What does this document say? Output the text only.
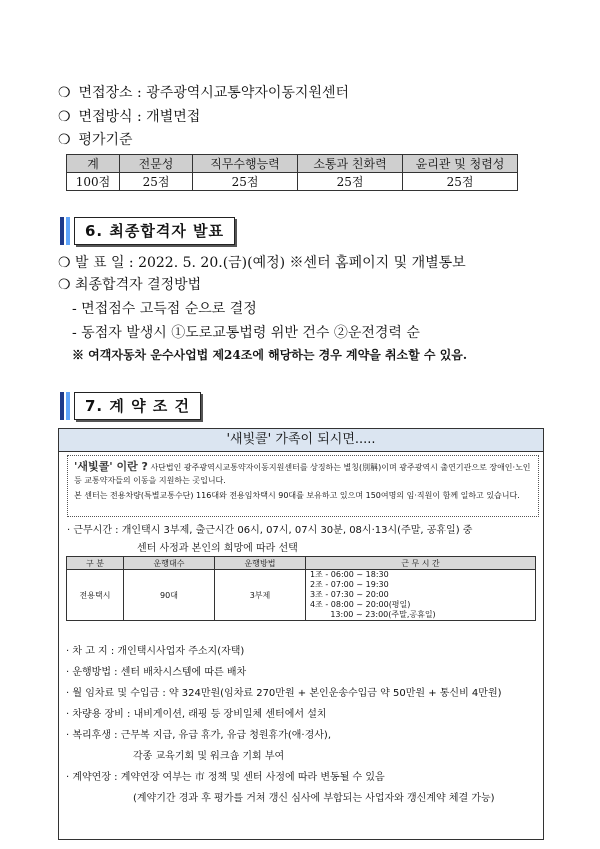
❍ 면접장소 : 광주광역시교통약자이동지원센터
❍ 면접방식 : 개별면접
❍ 평가기준
계	전문성	직무수행능력	소통과 친화력	윤리관 및 청렴성
100점	25점	25점	25점	25점
6. 최종합격자 발표
❍ 발 표 일 : 2022. 5. 20.(금)(예정) ※센터 홈페이지 및 개별통보
❍ 최종합격자 결정방법
- 면접점수 고득점 순으로 결정
- 동점자 발생시 ①도로교통법령 위반 건수 ②운전경력 순
※ 여객자동차 운수사업법 제24조에 해당하는 경우 계약을 취소할 수 있음.
7. 계 약 조 건
'새빛콜' 가족이 되시면.....
'새빛콜' 이란 ? 사단법인 광주광역시교통약자이동지원센터를 상징하는 별칭(別稱)이며 광주광역시 출연기관으로 장애인·노인 등 교통약자들의 이동을 지원하는 곳입니다.
본 센터는 전용차량(특별교통수단) 116대와 전용임차택시 90대를 보유하고 있으며 150여명의 임·직원이 함께 일하고 있습니다.
· 근무시간 : 개인택시 3부제, 출근시간 06시, 07시, 07시 30분, 08시·13시(주말, 공휴일) 중
센터 사정과 본인의 희망에 따라 선택
구 분	운행대수	운행방법	근 무 시 간
전용택시	90대	3부제	1조 - 06:00 ~ 18:30
2조 - 07:00 ~ 19:30
3조 - 07:30 ~ 20:00
4조 - 08:00 ~ 20:00(평일)
13:00 ~ 23:00(주말,공휴일)
· 차 고 지 : 개인택시사업자 주소지(자택)
· 운행방법 : 센터 배차시스템에 따른 배차
· 월 임차료 및 수입금 : 약 324만원(임차료 270만원 + 본인운송수입금 약 50만원 + 통신비 4만원)
· 차량용 장비 : 내비게이션, 래핑 등 장비일체 센터에서 설치
· 복리후생 : 근무복 지급, 유급 휴가, 유급 청원휴가(애·경사),
각종 교육기회 및 워크숍 기회 부여
· 계약연장 : 계약연장 여부는 市 정책 및 센터 사정에 따라 변동될 수 있음
(계약기간 경과 후 평가를 거쳐 갱신 심사에 부합되는 사업자와 갱신계약 체결 가능)
